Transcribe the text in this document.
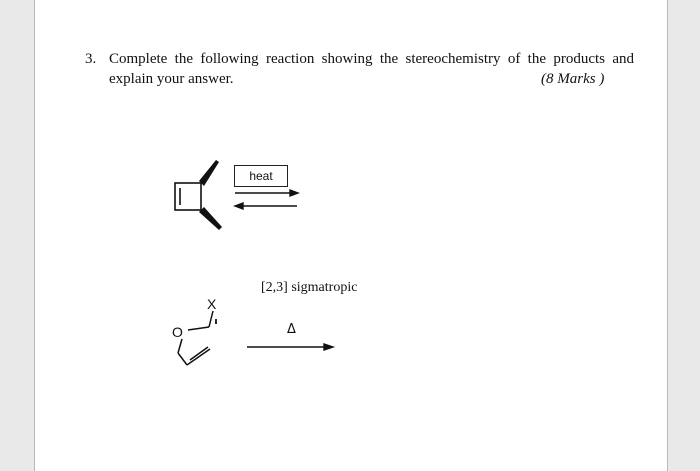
3. Complete the following reaction showing the stereochemistry of the products and
explain your answer.	(8 Marks )
heat
[2,3] sigmatropic
X
O	Δ
